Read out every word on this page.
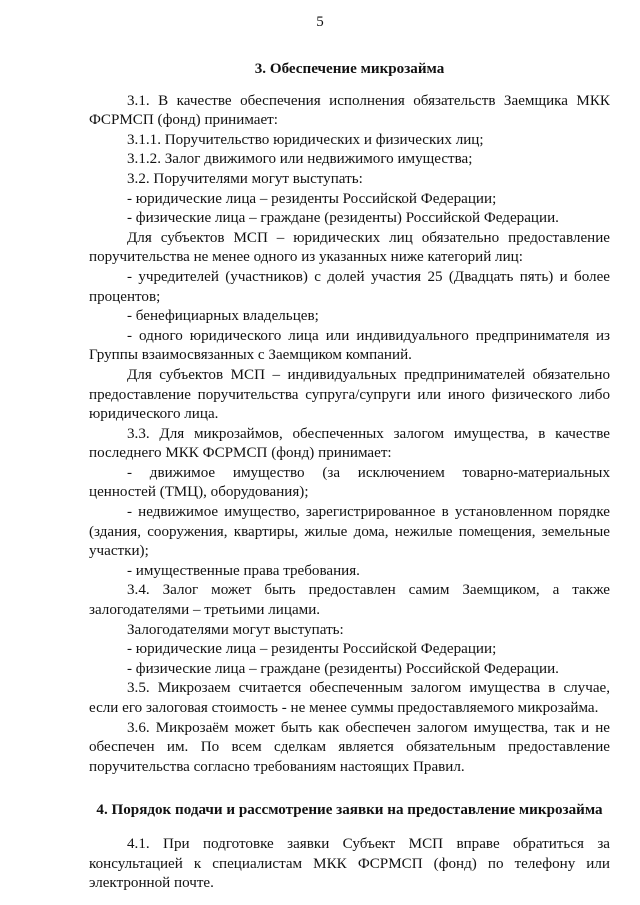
5

3. Обеспечение микрозайма

3.1. В качестве обеспечения исполнения обязательств Заемщика МКК ФСРМСП (фонд) принимает:

3.1.1. Поручительство юридических и физических лиц;

3.1.2. Залог движимого или недвижимого имущества;

3.2. Поручителями могут выступать:

- юридические лица – резиденты Российской Федерации;

- физические лица – граждане (резиденты) Российской Федерации.

Для субъектов МСП – юридических лиц обязательно предоставление поручительства не менее одного из указанных ниже категорий лиц:

- учредителей (участников) с долей участия 25 (Двадцать пять) и более процентов;

- бенефициарных владельцев;

- одного юридического лица или индивидуального предпринимателя из Группы взаимосвязанных с Заемщиком компаний.

Для субъектов МСП – индивидуальных предпринимателей обязательно предоставление поручительства супруга/супруги или иного физического либо юридического лица.

3.3. Для микрозаймов, обеспеченных залогом имущества, в качестве последнего МКК ФСРМСП (фонд) принимает:

- движимое имущество (за исключением товарно-материальных ценностей (ТМЦ), оборудования);

- недвижимое имущество, зарегистрированное в установленном порядке (здания, сооружения, квартиры, жилые дома, нежилые помещения, земельные участки);

- имущественные права требования.

3.4. Залог может быть предоставлен самим Заемщиком, а также залогодателями – третьими лицами.

Залогодателями могут выступать:

- юридические лица – резиденты Российской Федерации;

- физические лица – граждане (резиденты) Российской Федерации.

3.5. Микрозаем считается обеспеченным залогом имущества в случае, если его залоговая стоимость - не менее суммы предоставляемого микрозайма.

3.6. Микрозаём может быть как обеспечен залогом имущества, так и не обеспечен им. По всем сделкам является обязательным предоставление поручительства согласно требованиям настоящих Правил.

4. Порядок подачи и рассмотрение заявки на предоставление микрозайма

4.1. При подготовке заявки Субъект МСП вправе обратиться за консультацией к специалистам МКК ФСРМСП (фонд) по телефону или электронной почте.
